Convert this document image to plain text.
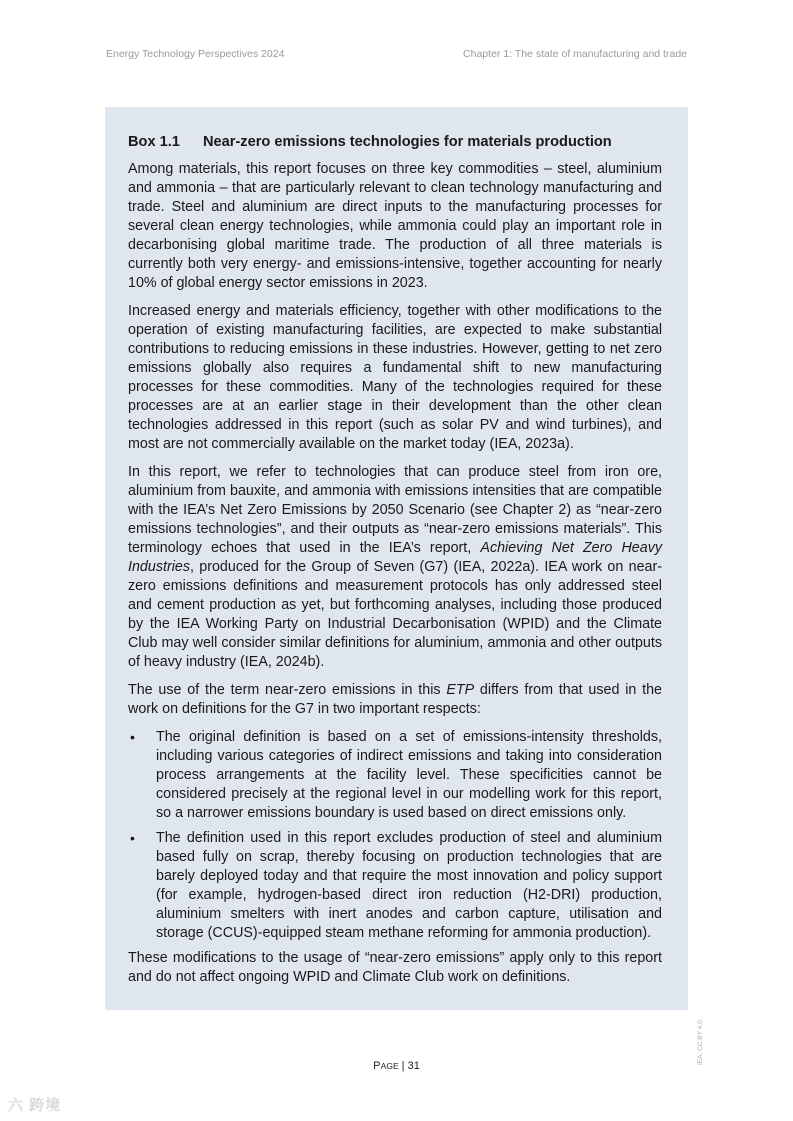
Energy Technology Perspectives 2024	Chapter 1: The state of manufacturing and trade
Box 1.1 Near-zero emissions technologies for materials production

Among materials, this report focuses on three key commodities – steel, aluminium and ammonia – that are particularly relevant to clean technology manufacturing and trade. Steel and aluminium are direct inputs to the manufacturing processes for several clean energy technologies, while ammonia could play an important role in decarbonising global maritime trade. The production of all three materials is currently both very energy- and emissions-intensive, together accounting for nearly 10% of global energy sector emissions in 2023.

Increased energy and materials efficiency, together with other modifications to the operation of existing manufacturing facilities, are expected to make substantial contributions to reducing emissions in these industries. However, getting to net zero emissions globally also requires a fundamental shift to new manufacturing processes for these commodities. Many of the technologies required for these processes are at an earlier stage in their development than the other clean technologies addressed in this report (such as solar PV and wind turbines), and most are not commercially available on the market today (IEA, 2023a).

In this report, we refer to technologies that can produce steel from iron ore, aluminium from bauxite, and ammonia with emissions intensities that are compatible with the IEA’s Net Zero Emissions by 2050 Scenario (see Chapter 2) as “near-zero emissions technologies”, and their outputs as “near-zero emissions materials”. This terminology echoes that used in the IEA’s report, Achieving Net Zero Heavy Industries, produced for the Group of Seven (G7) (IEA, 2022a). IEA work on near-zero emissions definitions and measurement protocols has only addressed steel and cement production as yet, but forthcoming analyses, including those produced by the IEA Working Party on Industrial Decarbonisation (WPID) and the Climate Club may well consider similar definitions for aluminium, ammonia and other outputs of heavy industry (IEA, 2024b).

The use of the term near-zero emissions in this ETP differs from that used in the work on definitions for the G7 in two important respects:

• The original definition is based on a set of emissions-intensity thresholds, including various categories of indirect emissions and taking into consideration process arrangements at the facility level. These specificities cannot be considered precisely at the regional level in our modelling work for this report, so a narrower emissions boundary is used based on direct emissions only.
• The definition used in this report excludes production of steel and aluminium based fully on scrap, thereby focusing on production technologies that are barely deployed today and that require the most innovation and policy support (for example, hydrogen-based direct iron reduction (H2-DRI) production, aluminium smelters with inert anodes and carbon capture, utilisation and storage (CCUS)-equipped steam methane reforming for ammonia production).

These modifications to the usage of “near-zero emissions” apply only to this report and do not affect ongoing WPID and Climate Club work on definitions.

PAGE | 31
IEA. CC BY 4.0.
六 跨境
